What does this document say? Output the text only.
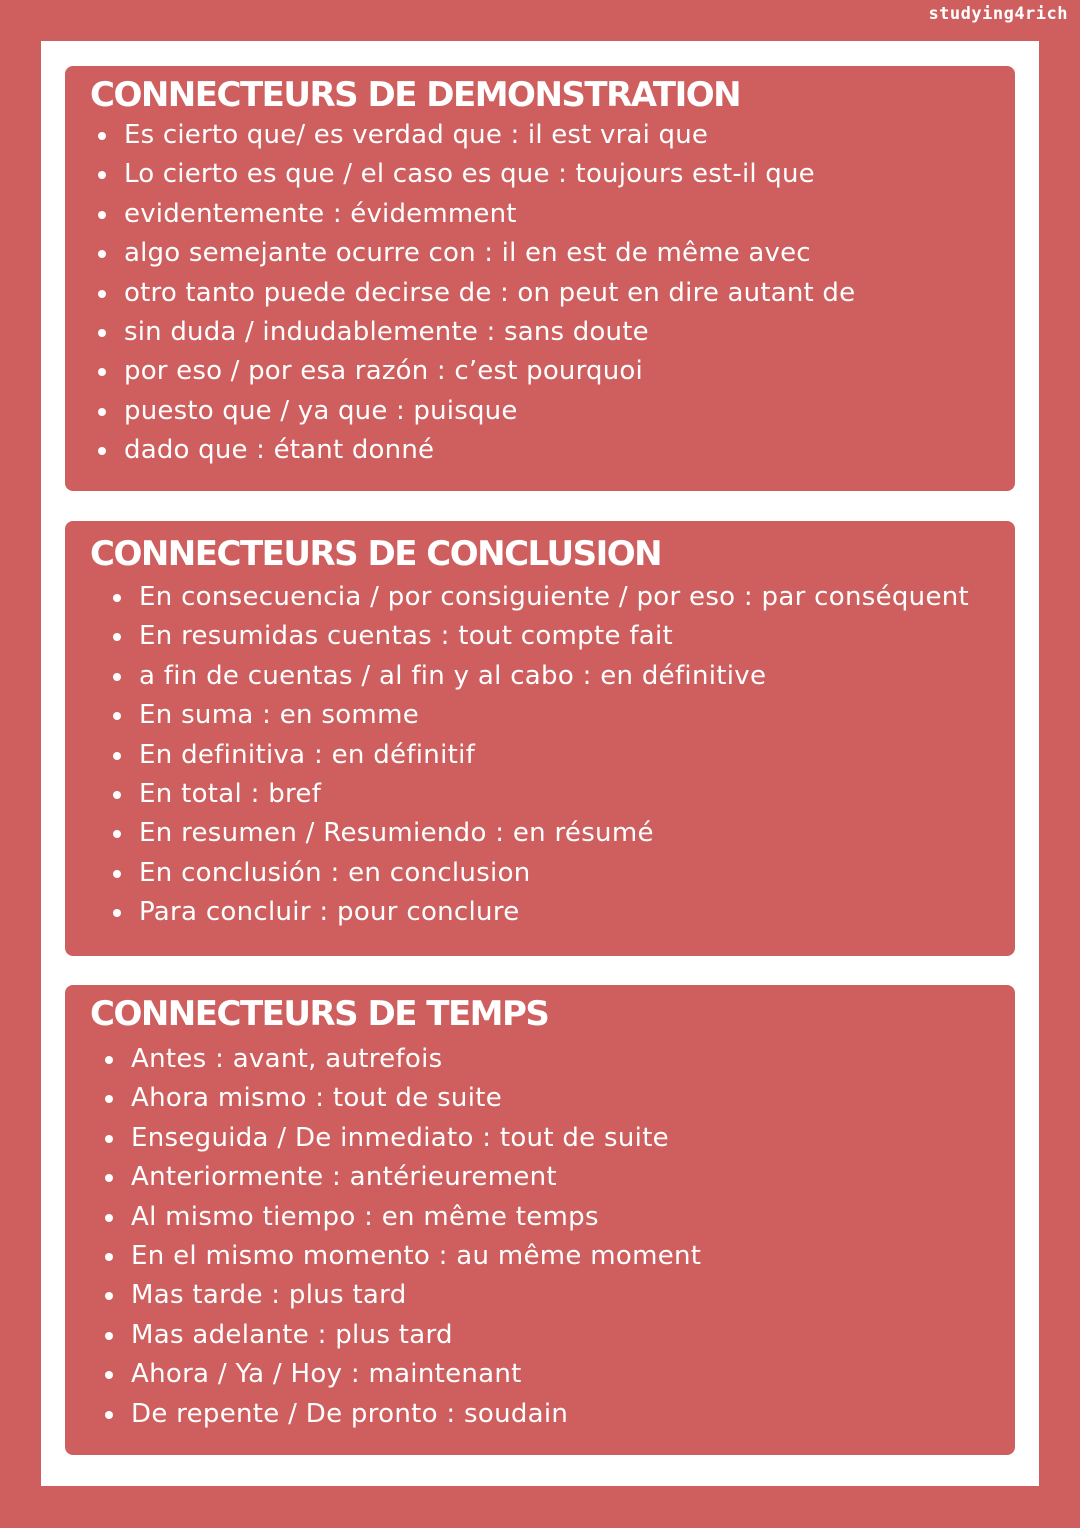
studying4rich
CONNECTEURS DE DEMONSTRATION
Es cierto que/ es verdad que : il est vrai que
Lo cierto es que / el caso es que : toujours est-il que
evidentemente : évidemment
algo semejante ocurre con : il en est de même avec
otro tanto puede decirse de : on peut en dire autant de
sin duda / indudablemente : sans doute
por eso / por esa razón : c’est pourquoi
puesto que / ya que : puisque
dado que : étant donné
CONNECTEURS DE CONCLUSION
En consecuencia / por consiguiente / por eso : par conséquent
En resumidas cuentas : tout compte fait
a fin de cuentas / al fin y al cabo : en définitive
En suma : en somme
En definitiva : en définitif
En total : bref
En resumen / Resumiendo : en résumé
En conclusión : en conclusion
Para concluir : pour conclure
CONNECTEURS DE TEMPS
Antes : avant, autrefois
Ahora mismo : tout de suite
Enseguida / De inmediato : tout de suite
Anteriormente : antérieurement
Al mismo tiempo : en même temps
En el mismo momento : au même moment
Mas tarde : plus tard
Mas adelante : plus tard
Ahora / Ya / Hoy : maintenant
De repente / De pronto : soudain
